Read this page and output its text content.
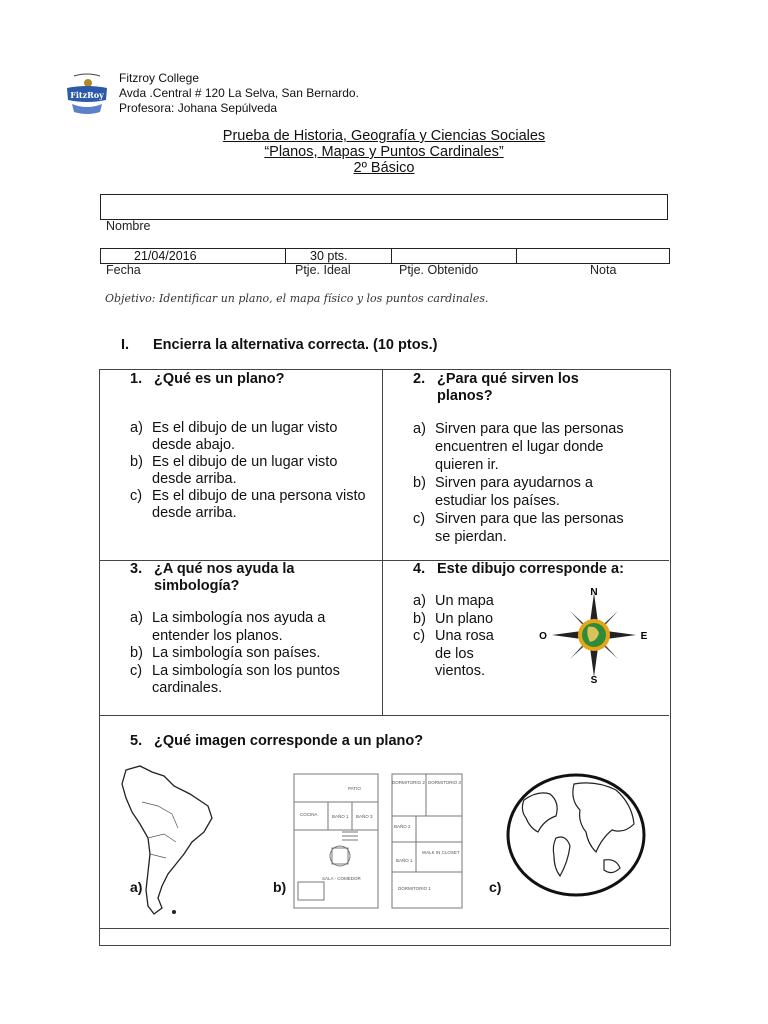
FitzRoy
Fitzroy College
Avda .Central # 120 La Selva, San Bernardo.
Profesora: Johana Sepúlveda
Prueba de Historia, Geografía y Ciencias Sociales
“Planos, Mapas y Puntos Cardinales”
2º Básico
Nombre
21/04/2016	30 pts.
Fecha	Ptje. Ideal	Ptje. Obtenido	Nota
Objetivo: Identificar un plano, el mapa físico y los puntos cardinales.
I. Encierra la alternativa correcta. (10 ptos.)
1. ¿Qué es un plano?
a) Es el dibujo de un lugar visto desde abajo.
b) Es el dibujo de un lugar visto desde arriba.
c) Es el dibujo de una persona visto desde arriba.
2. ¿Para qué sirven los planos?
a) Sirven para que las personas encuentren el lugar donde quieren ir.
b) Sirven para ayudarnos a estudiar los países.
c) Sirven para que las personas se pierdan.
3. ¿A qué nos ayuda la simbología?
a) La simbología nos ayuda a entender los planos.
b) La simbología son países.
c) La simbología son los puntos cardinales.
4. Este dibujo corresponde a:
a) Un mapa
b) Un plano
c) Una rosa de los vientos.
N
S
E
O
5. ¿Qué imagen corresponde a un plano?
a)
PATIO
COCINA	BAÑO 1 BAÑO 3
SALA - COMEDOR
DORMITORIO 2 DORMITORIO 3
BAÑO 2
BAÑO 1
WALK IN CLOSET
DORMITORIO 1
b)	c)
